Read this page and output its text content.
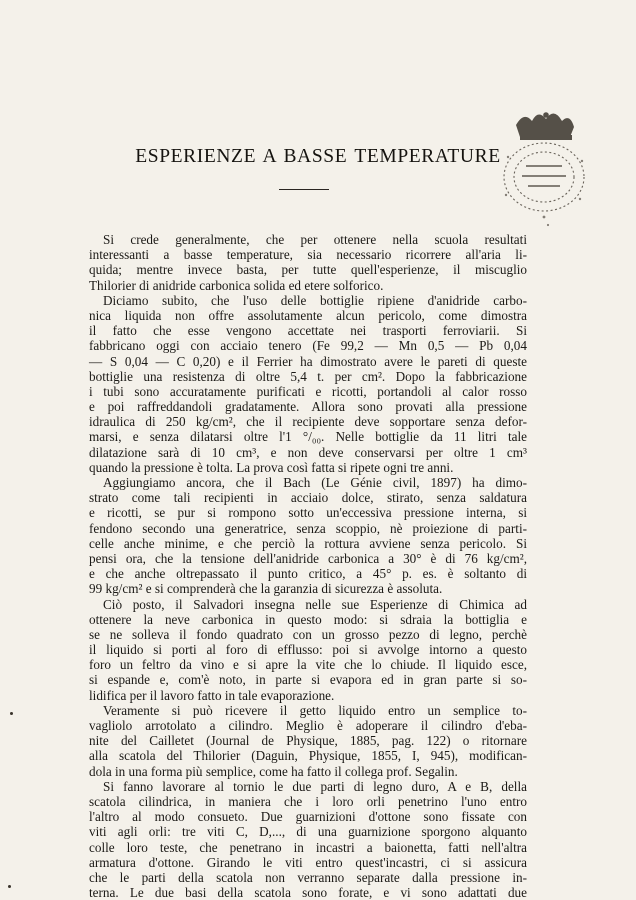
ESPERIENZE A BASSE TEMPERATURE
Si crede generalmente, che per ottenere nella scuola resultati
interessanti a basse temperature, sia necessario ricorrere all'aria li-
quida; mentre invece basta, per tutte quell'esperienze, il miscuglio
Thilorier di anidride carbonica solida ed etere solforico.
Diciamo subito, che l'uso delle bottiglie ripiene d'anidride carbo-
nica liquida non offre assolutamente alcun pericolo, come dimostra
il fatto che esse vengono accettate nei trasporti ferroviarii. Si
fabbricano oggi con acciaio tenero (Fe 99,2 — Mn 0,5 — Pb 0,04
— S 0,04 — C 0,20) e il Ferrier ha dimostrato avere le pareti di queste
bottiglie una resistenza di oltre 5,4 t. per cm². Dopo la fabbricazione
i tubi sono accuratamente purificati e ricotti, portandoli al calor rosso
e poi raffreddandoli gradatamente. Allora sono provati alla pressione
idraulica di 250 kg/cm², che il recipiente deve sopportare senza defor-
marsi, e senza dilatarsi oltre l'1 °/₀₀. Nelle bottiglie da 11 litri tale
dilatazione sarà di 10 cm³, e non deve conservarsi per oltre 1 cm³
quando la pressione è tolta. La prova così fatta si ripete ogni tre anni.
Aggiungiamo ancora, che il Bach (Le Génie civil, 1897) ha dimo-
strato come tali recipienti in acciaio dolce, stirato, senza saldatura
e ricotti, se pur si rompono sotto un'eccessiva pressione interna, si
fendono secondo una generatrice, senza scoppio, nè proiezione di parti-
celle anche minime, e che perciò la rottura avviene senza pericolo. Si
pensi ora, che la tensione dell'anidride carbonica a 30° è di 76 kg/cm²,
e che anche oltrepassato il punto critico, a 45° p. es. è soltanto di
99 kg/cm² e si comprenderà che la garanzia di sicurezza è assoluta.
Ciò posto, il Salvadori insegna nelle sue Esperienze di Chimica ad
ottenere la neve carbonica in questo modo: si sdraia la bottiglia e
se ne solleva il fondo quadrato con un grosso pezzo di legno, perchè
il liquido si porti al foro di efflusso: poi si avvolge intorno a questo
foro un feltro da vino e si apre la vite che lo chiude. Il liquido esce,
si espande e, com'è noto, in parte si evapora ed in gran parte si so-
lidifica per il lavoro fatto in tale evaporazione.
Veramente si può ricevere il getto liquido entro un semplice to-
vagliolo arrotolato a cilindro. Meglio è adoperare il cilindro d'eba-
nite del Cailletet (Journal de Physique, 1885, pag. 122) o ritornare
alla scatola del Thilorier (Daguin, Physique, 1855, I, 945), modifican-
dola in una forma più semplice, come ha fatto il collega prof. Segalin.
Si fanno lavorare al tornio le due parti di legno duro, A e B, della
scatola cilindrica, in maniera che i loro orli penetrino l'uno entro
l'altro al modo consueto. Due guarnizioni d'ottone sono fissate con
viti agli orli: tre viti C, D,..., di una guarnizione sporgono alquanto
colle loro teste, che penetrano in incastri a baionetta, fatti nell'altra
armatura d'ottone. Girando le viti entro quest'incastri, ci si assicura
che le parti della scatola non verranno separate dalla pressione in-
terna. Le due basi della scatola sono forate, e vi sono adattati due
